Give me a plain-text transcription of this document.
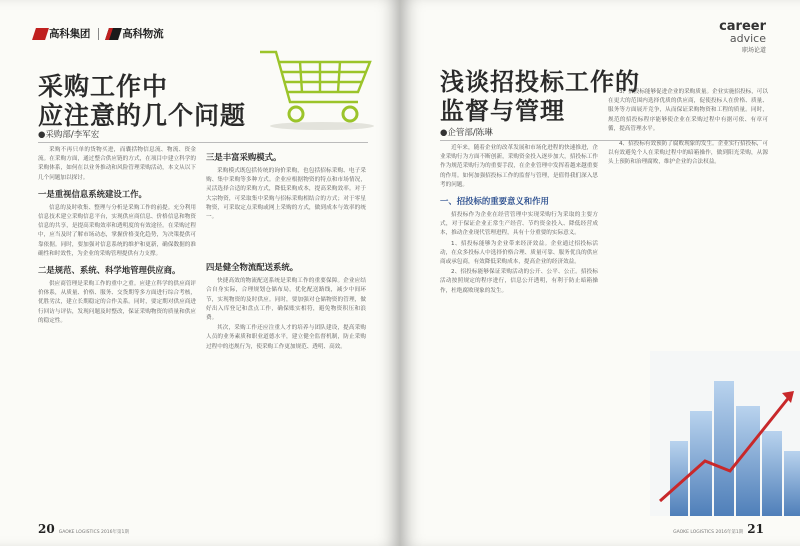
高科集团	高科物流
采购工作中
应注意的几个问题
●采购部/李军宏

采购不再只单的货物买进，而囊括物信息流、物流、资金流。在采购方面，通过整合供应链的方式，在项目中建立科学的采购体系，如何在以业务推动和风险管理采购活动，本文从以下几个问题加以探讨。

一是重视信息系统建设工作。

信息的及时收集、整理与分析是采购工作的前提。充分利用信息技术建立采购信息平台，实现供应商信息、价格信息和物资信息的共享，是提高采购效率和透明度的有效途径。在采购过程中，应当及时了解市场动态，掌握价格变化趋势，为决策提供可靠依据。同时，要加强对信息系统的维护和更新，确保数据的准确性和时效性，为企业的采购管理提供有力支撑。

二是规范、系统、科学地管理供应商。

供应商管理是采购工作的重中之重。应建立科学的供应商评价体系，从质量、价格、服务、交货期等多方面进行综合考核，优胜劣汰，建立长期稳定的合作关系。同时，要定期对供应商进行回访与评估，发现问题及时整改，保证采购物资的质量和供应的稳定性。

三是丰富采购模式。

采购模式既包括传统的询价采购，也包括招标采购、电子采购、集中采购等多种方式。企业应根据物资的特点和市场情况，灵活选择合适的采购方式，降低采购成本，提高采购效率。对于大宗物资，可采取集中采购与招标采购相结合的方式；对于零星物资，可采取定点采购或网上采购的方式，做到成本与效率的统一。

四是健全物流配送系统。

快捷高效的物流配送系统是采购工作的重要保障。企业应结合自身实际，合理规划仓储布局，优化配送路线，减少中间环节，实现物资的及时供应。同时，要加强对仓储物资的管理，做好出入库登记和盘点工作，确保账实相符，避免物资积压和浪费。

其次，采购工作还应注重人才的培养与团队建设，提高采购人员的业务素质和职业道德水平，建立健全监督机制，防止采购过程中的违规行为，使采购工作更加规范、透明、高效。

20 GAOKE LOGISTICS 2016年第1期
career
advice
职场论道
浅谈招投标工作的
监督与管理
●企管部/陈琳

近年来，随着企业的改革发展和市场化进程的快速推进，企业采购行为方面不断创新，采购资金投入逐步加大，招投标工作作为规范采购行为的重要手段，在企业管理中发挥着越来越重要的作用。如何加强招投标工作的监督与管理，是值得我们深入思考的问题。

一、招投标的重要意义和作用

招投标作为企业在经营管理中实现采购行为采取的主要方式，对于保证企业正常生产经营、节约资金投入、降低经营成本，推动企业现代管理进程，具有十分重要的实际意义。

1、招投标能够为企业带来经济效益。企业通过招投标活动，在众多投标人中选择价格合理、质量可靠、服务优良的供应商或承包商，有效降低采购成本，提高企业的经济效益。

2、招投标能够保证采购活动的公开、公平、公正。招投标活动按照规定的程序进行，信息公开透明，有利于防止暗箱操作，杜绝腐败现象的发生。

3、招投标能够促进企业的采购质量。企业实施招投标，可以在更大的范围内选择优质的供应商，促使投标人在价格、质量、服务等方面展开竞争，从而保证采购物资和工程的质量。同时，规范的招投标程序能够使企业在采购过程中有据可依、有章可循，提高管理水平。

4、招投标有效预防了腐败现象的发生。企业实行招投标，可以有效避免个人在采购过程中的暗箱操作，做到阳光采购，从源头上预防和治理腐败，维护企业的合法权益。

GAOKE LOGISTICS 2016年第1期 21
